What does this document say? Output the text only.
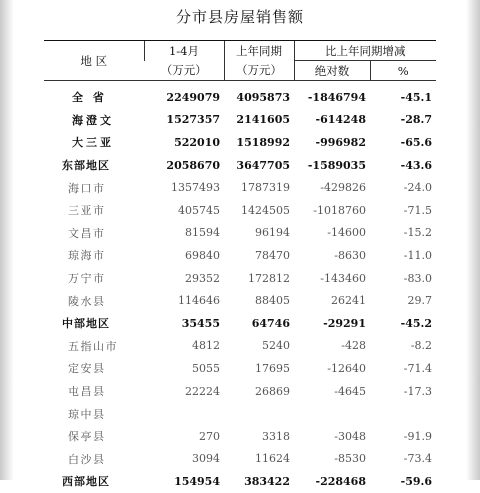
分市县房屋销售额
地 区	1-4月	上年同期	比上年同期增减	
	（万元）	（万元）	绝对数	%
全 省	2249079	4095873	-1846794	-45.1
海澄文	1527357	2141605	-614248	-28.7
大三亚	522010	1518992	-996982	-65.6
东部地区	2058670	3647705	-1589035	-43.6
海口市	1357493	1787319	-429826	-24.0
三亚市	405745	1424505	-1018760	-71.5
文昌市	81594	96194	-14600	-15.2
琼海市	69840	78470	-8630	-11.0
万宁市	29352	172812	-143460	-83.0
陵水县	114646	88405	26241	29.7
中部地区	35455	64746	-29291	-45.2
五指山市	4812	5240	-428	-8.2
定安县	5055	17695	-12640	-71.4
屯昌县	22224	26869	-4645	-17.3
琼中县				
保亭县	270	3318	-3048	-91.9
白沙县	3094	11624	-8530	-73.4
西部地区	154954	383422	-228468	-59.6
